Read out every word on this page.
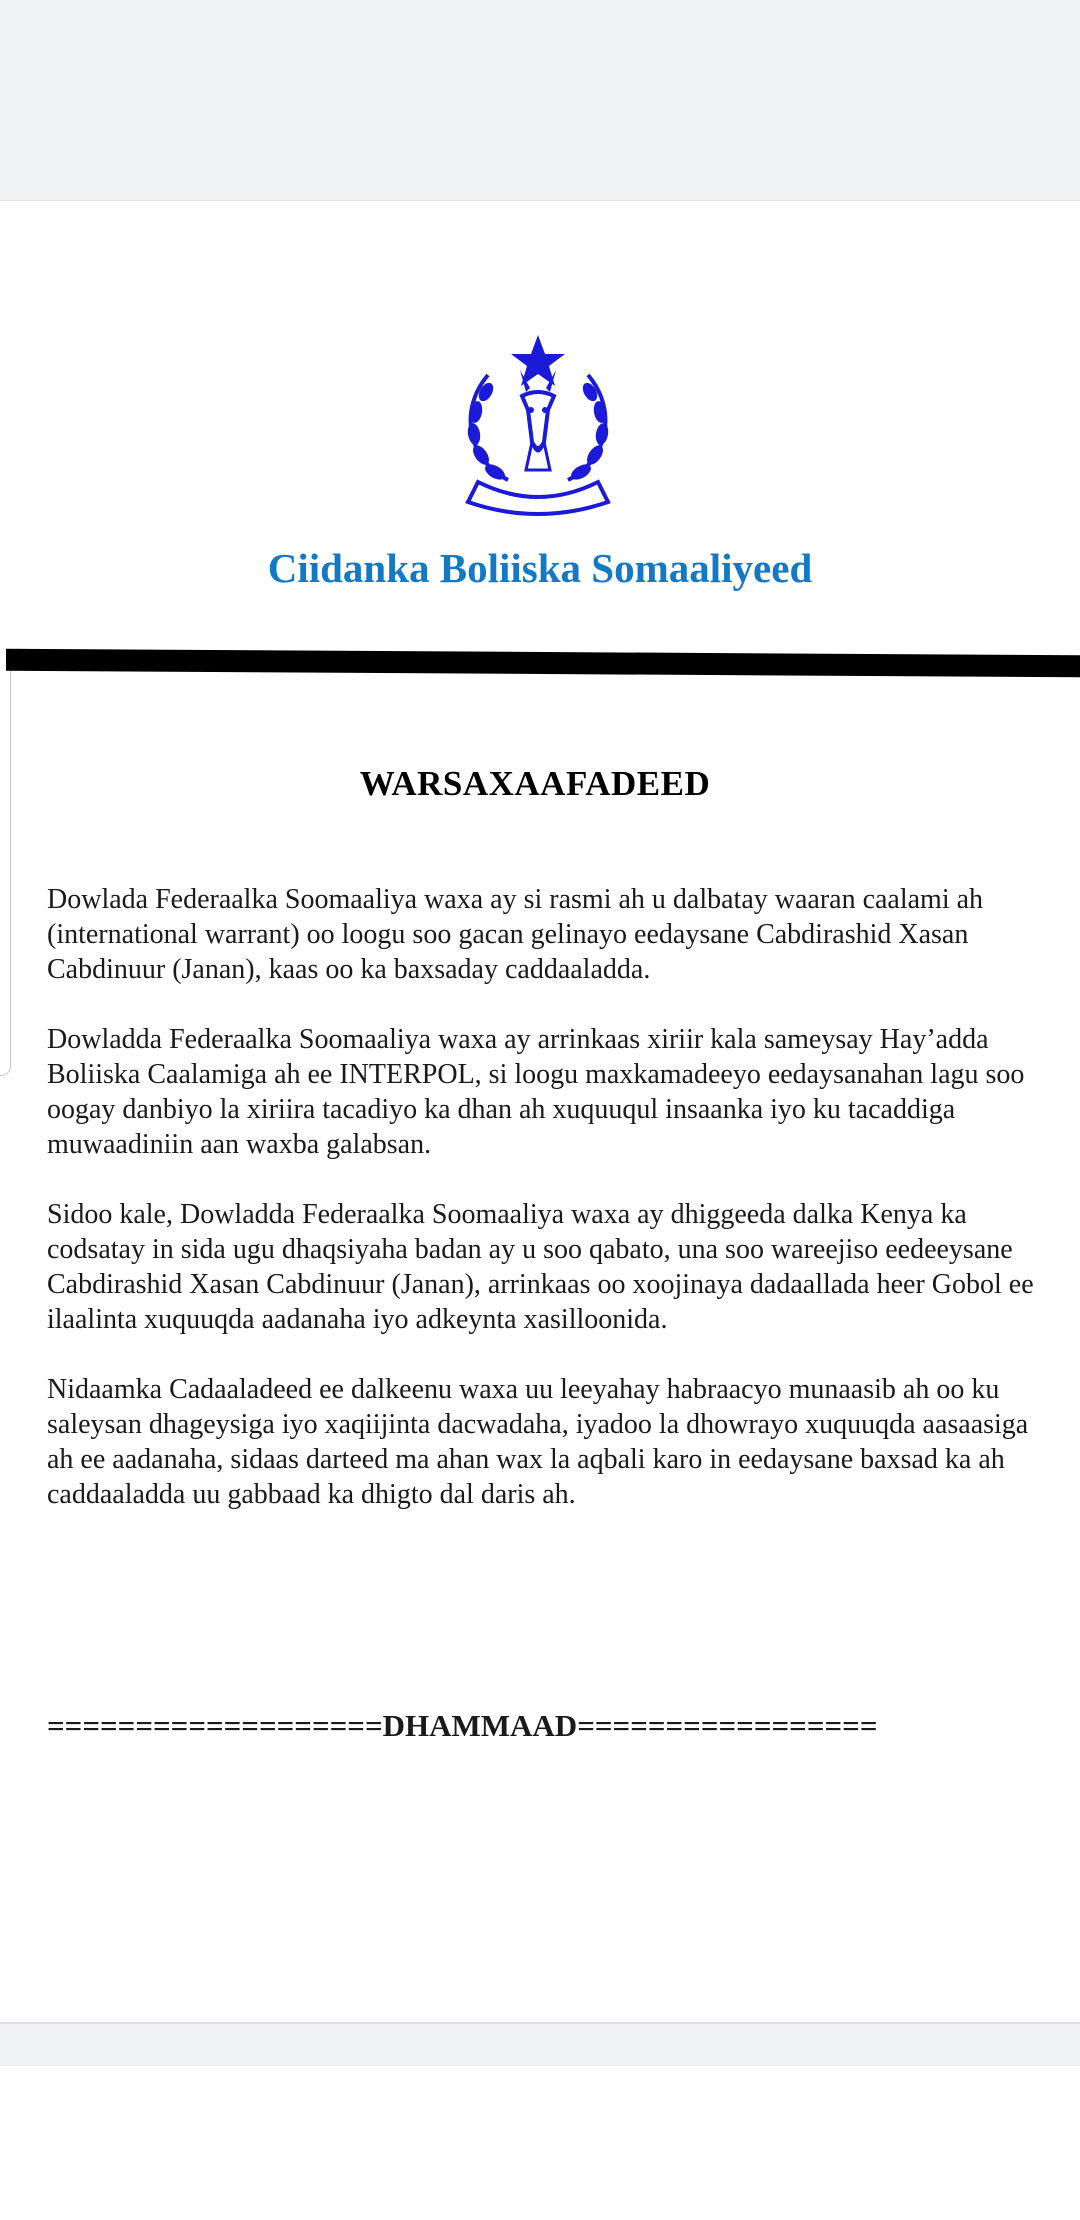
Ciidanka Boliiska Somaaliyeed
WARSAXAAFADEED

Dowlada Federaalka Soomaaliya waxa ay si rasmi ah u dalbatay waaran caalami ah (international warrant) oo loogu soo gacan gelinayo eedaysane Cabdirashid Xasan Cabdinuur (Janan), kaas oo ka baxsaday caddaaladda.

Dowladda Federaalka Soomaaliya waxa ay arrinkaas xiriir kala sameysay Hay’adda Boliiska Caalamiga ah ee INTERPOL, si loogu maxkamadeeyo eedaysanahan lagu soo oogay danbiyo la xiriira tacadiyo ka dhan ah xuquuqul insaanka iyo ku tacaddiga muwaadiniin aan waxba galabsan.

Sidoo kale, Dowladda Federaalka Soomaaliya waxa ay dhiggeeda dalka Kenya ka codsatay in sida ugu dhaqsiyaha badan ay u soo qabato, una soo wareejiso eedeeysane Cabdirashid Xasan Cabdinuur (Janan), arrinkaas oo xoojinaya dadaallada heer Gobol ee ilaalinta xuquuqda aadanaha iyo adkeynta xasilloonida.

Nidaamka Cadaaladeed ee dalkeenu waxa uu leeyahay habraacyo munaasib ah oo ku saleysan dhageysiga iyo xaqiijinta dacwadaha, iyadoo la dhowrayo xuquuqda aasaasiga ah ee aadanaha, sidaas darteed ma ahan wax la aqbali karo in eedaysane baxsad ka ah caddaaladda uu gabbaad ka dhigto dal daris ah.

===================DHAMMAAD=================
